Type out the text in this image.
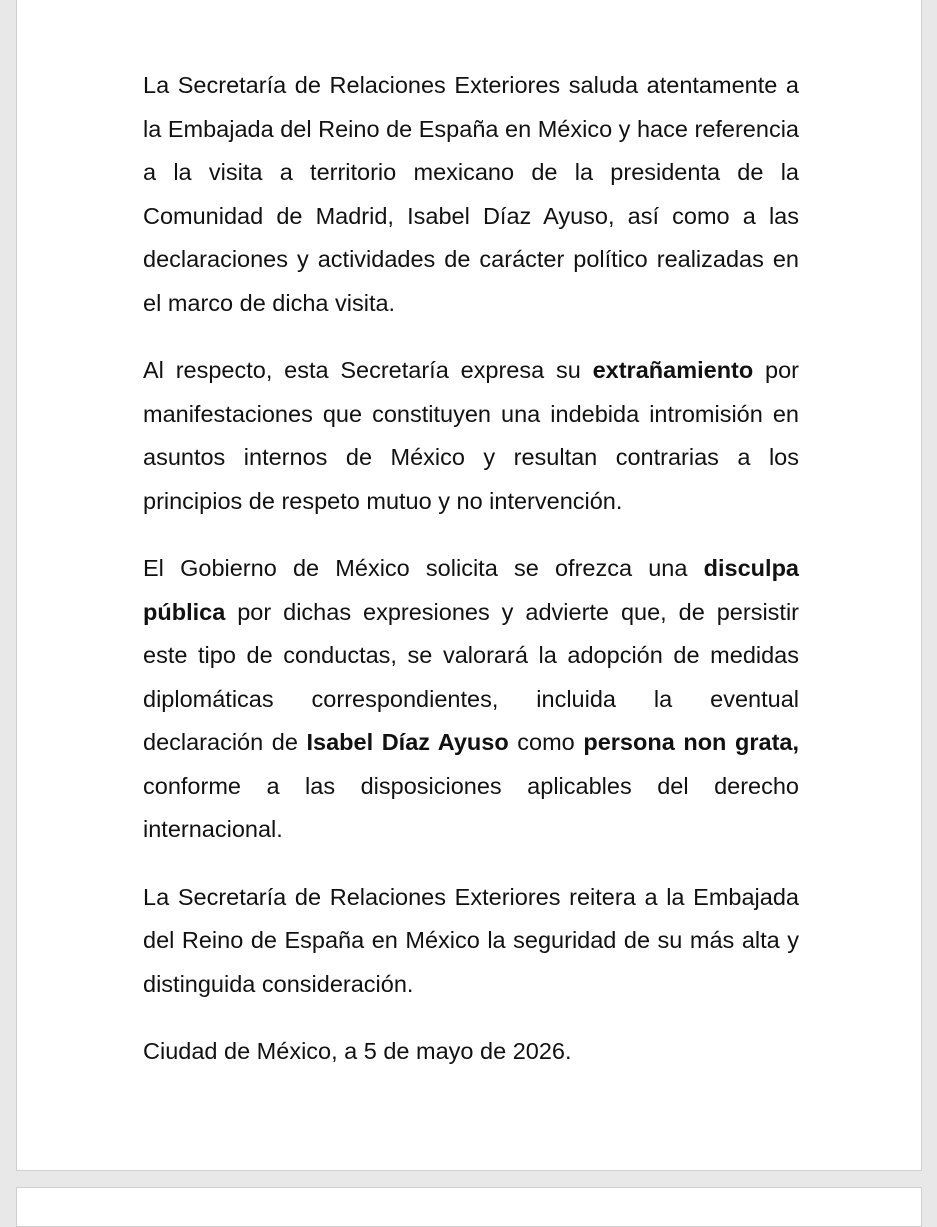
La Secretaría de Relaciones Exteriores saluda atentamente a la Embajada del Reino de España en México y hace referencia a la visita a territorio mexicano de la presidenta de la Comunidad de Madrid, Isabel Díaz Ayuso, así como a las declaraciones y actividades de carácter político realizadas en el marco de dicha visita.

Al respecto, esta Secretaría expresa su extrañamiento por manifestaciones que constituyen una indebida intromisión en asuntos internos de México y resultan contrarias a los principios de respeto mutuo y no intervención.

El Gobierno de México solicita se ofrezca una disculpa pública por dichas expresiones y advierte que, de persistir este tipo de conductas, se valorará la adopción de medidas diplomáticas correspondientes, incluida la eventual declaración de Isabel Díaz Ayuso como persona non grata, conforme a las disposiciones aplicables del derecho internacional.

La Secretaría de Relaciones Exteriores reitera a la Embajada del Reino de España en México la seguridad de su más alta y distinguida consideración.

Ciudad de México, a 5 de mayo de 2026.
